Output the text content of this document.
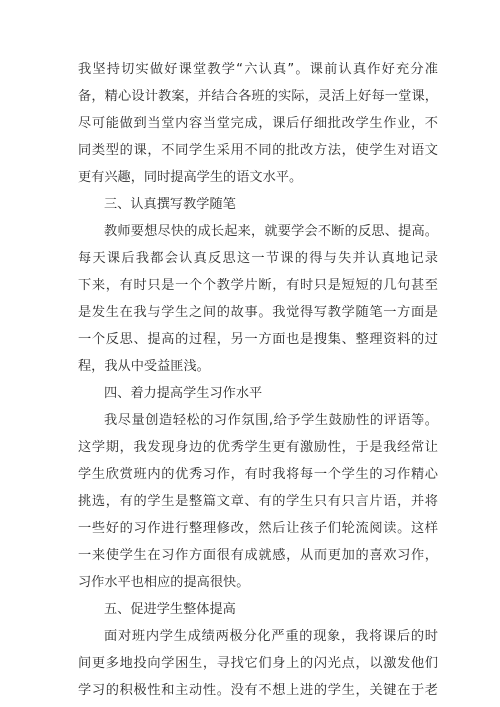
我坚持切实做好课堂教学“六认真”。课前认真作好充分准
备，精心设计教案，并结合各班的实际，灵活上好每一堂课，
尽可能做到当堂内容当堂完成，课后仔细批改学生作业，不
同类型的课，不同学生采用不同的批改方法，使学生对语文
更有兴趣，同时提高学生的语文水平。
三、认真撰写教学随笔
教师要想尽快的成长起来，就要学会不断的反思、提高。
每天课后我都会认真反思这一节课的得与失并认真地记录
下来，有时只是一个个教学片断，有时只是短短的几句甚至
是发生在我与学生之间的故事。我觉得写教学随笔一方面是
一个反思、提高的过程，另一方面也是搜集、整理资料的过
程，我从中受益匪浅。
四、着力提高学生习作水平
我尽量创造轻松的习作氛围,给予学生鼓励性的评语等。
这学期，我发现身边的优秀学生更有激励性，于是我经常让
学生欣赏班内的优秀习作，有时我将每一个学生的习作精心
挑选，有的学生是整篇文章、有的学生只有只言片语，并将
一些好的习作进行整理修改，然后让孩子们轮流阅读。这样
一来使学生在习作方面很有成就感，从而更加的喜欢习作，
习作水平也相应的提高很快。
五、促进学生整体提高
面对班内学生成绩两极分化严重的现象，我将课后的时
间更多地投向学困生，寻找它们身上的闪光点，以激发他们
学习的积极性和主动性。没有不想上进的学生，关键在于老
